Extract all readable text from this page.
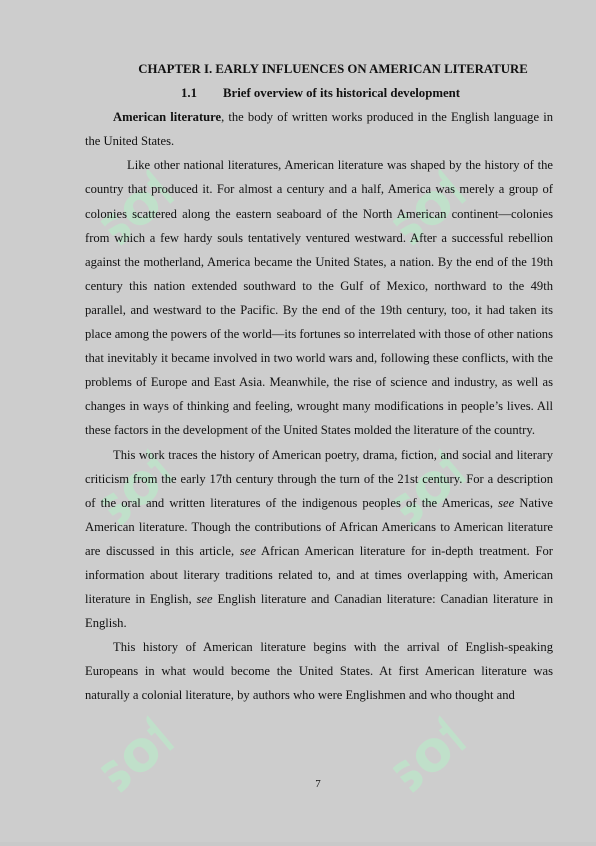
sof	sof
sof	sof
sof	sof
CHAPTER I. EARLY INFLUENCES ON AMERICAN LITERATURE
1.1 Brief overview of its historical development

American literature, the body of written works produced in the English language in the United States.

Like other national literatures, American literature was shaped by the history of the country that produced it. For almost a century and a half, America was merely a group of colonies scattered along the eastern seaboard of the North American continent—colonies from which a few hardy souls tentatively ventured westward. After a successful rebellion against the motherland, America became the United States, a nation. By the end of the 19th century this nation extended southward to the Gulf of Mexico, northward to the 49th parallel, and westward to the Pacific. By the end of the 19th century, too, it had taken its place among the powers of the world—its fortunes so interrelated with those of other nations that inevitably it became involved in two world wars and, following these conflicts, with the problems of Europe and East Asia. Meanwhile, the rise of science and industry, as well as changes in ways of thinking and feeling, wrought many modifications in people’s lives. All these factors in the development of the United States molded the literature of the country.

This work traces the history of American poetry, drama, fiction, and social and literary criticism from the early 17th century through the turn of the 21st century. For a description of the oral and written literatures of the indigenous peoples of the Americas, see Native American literature. Though the contributions of African Americans to American literature are discussed in this article, see African American literature for in-depth treatment. For information about literary traditions related to, and at times overlapping with, American literature in English, see English literature and Canadian literature: Canadian literature in English.

This history of American literature begins with the arrival of English-speaking Europeans in what would become the United States. At first American literature was naturally a colonial literature, by authors who were Englishmen and who thought and

7
